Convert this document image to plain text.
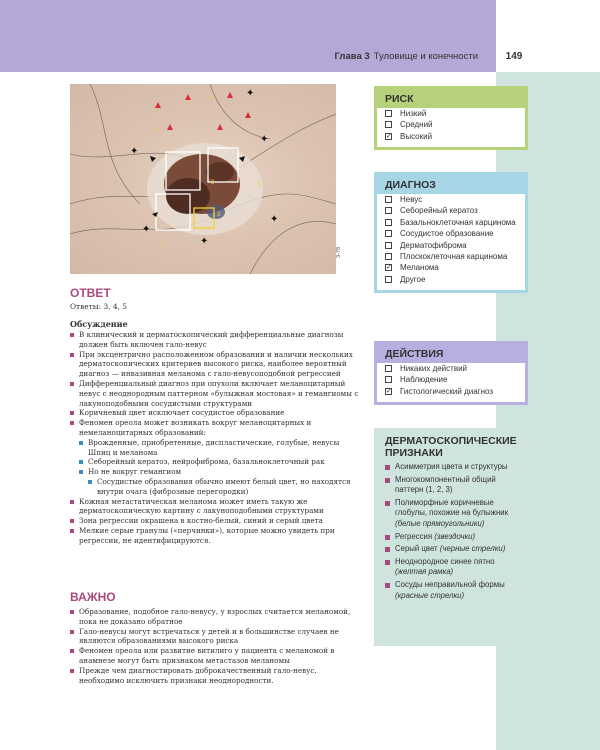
Глава 3 Туловище и конечности	149
✦
✦
✦
✦
✦
✦
1
1
2
3
1
1
3-78
ОТВЕТ
Ответы: 3, 4, 5
Обсуждение
В клинический и дерматоскопический дифференциальные диагнозы должен быть включен гало-невус
При эксцентрично расположенном образовании и наличии нескольких дерматоскопических критериев высокого риска, наиболее вероятный диагноз — инвазивная меланома с гало-невусоподобной регрессией
Дифференциальный диагноз при опухоли включает меланоцитарный невус с неоднородным паттерном «булыжная мостовая» и гемангиомы с лакуноподобными сосудистыми структурами
Коричневый цвет исключает сосудистое образование
Феномен ореола может возникать вокруг меланоцитарных и немеланоцитарных образований:
Врожденные, приобретенные, диспластические, голубые, невусы Шпиц и меланома
Себорейный кератоз, нейрофиброма, базальноклеточный рак
Но не вокруг гемангиом
Сосудистые образования обычно имеют белый цвет, но находятся внутри очага (фиброзные перегородки)
Кожная метастатическая меланома может иметь такую же дерматоскопическую картину с лакуноподобными структурами
Зона регрессии окрашена в костно-белый, синий и серый цвета
Мелкие серые гранулы («перчинки»), которые можно увидеть при регрессии, не идентифицируются.
ВАЖНО
Образование, подобное гало-невусу, у взрослых считается меланомой, пока не доказано обратное
Гало-невусы могут встречаться у детей и в большинстве случаев не являются образованиями высокого риска
Феномен ореола или развитие витилиго у пациента с меланомой в анамнезе могут быть признаком метастазов меланомы
Прежде чем диагностировать доброкачественный гало-невус, необходимо исключить признаки неоднородности.
РИСК
Низкий
Средний
✓ Высокий
ДИАГНОЗ
Невус
Себорейный кератоз
Базальноклеточная карцинома
Сосудистое образование
Дерматофиброма
Плоскоклеточная карцинома
✓ Меланома
Другое
ДЕЙСТВИЯ
Никаких действий
Наблюдение
✓ Гистологический диагноз
ДЕРМАТОСКОПИЧЕСКИЕ ПРИЗНАКИ
Асимметрия цвета и структуры
Многокомпонентный общий паттерн (1, 2, 3)
Полиморфные коричневые глобулы, похожие на булыжник (белые прямоугольники)
Регрессия (звездочки)
Серый цвет (черные стрелки)
Неоднородное синее пятно (желтая рамка)
Сосуды неправильной формы (красные стрелки)
